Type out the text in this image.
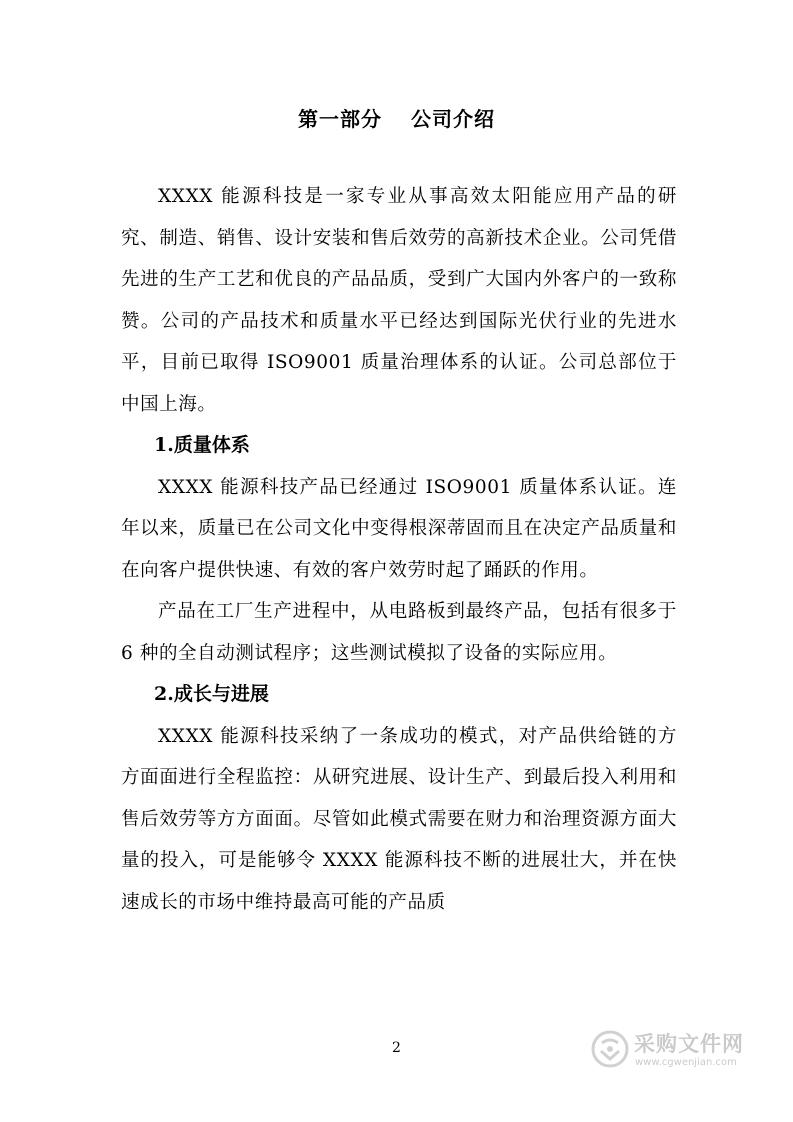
第一部分　 公司介绍

XXXX 能源科技是一家专业从事高效太阳能应用产品的研究、制造、销售、设计安装和售后效劳的高新技术企业。公司凭借先进的生产工艺和优良的产品品质，受到广大国内外客户的一致称赞。公司的产品技术和质量水平已经达到国际光伏行业的先进水平，目前已取得 ISO9001 质量治理体系的认证。公司总部位于中国上海。

1.质量体系

XXXX 能源科技产品已经通过 ISO9001 质量体系认证。连年以来，质量已在公司文化中变得根深蒂固而且在决定产品质量和在向客户提供快速、有效的客户效劳时起了踊跃的作用。

产品在工厂生产进程中，从电路板到最终产品，包括有很多于 6 种的全自动测试程序；这些测试模拟了设备的实际应用。

2.成长与进展

XXXX 能源科技采纳了一条成功的模式，对产品供给链的方方面面进行全程监控：从研究进展、设计生产、到最后投入利用和售后效劳等方方面面。尽管如此模式需要在财力和治理资源方面大量的投入，可是能够令 XXXX 能源科技不断的进展壮大，并在快速成长的市场中维持最高可能的产品质

2	采购文件网
www.cgwenjian.com
